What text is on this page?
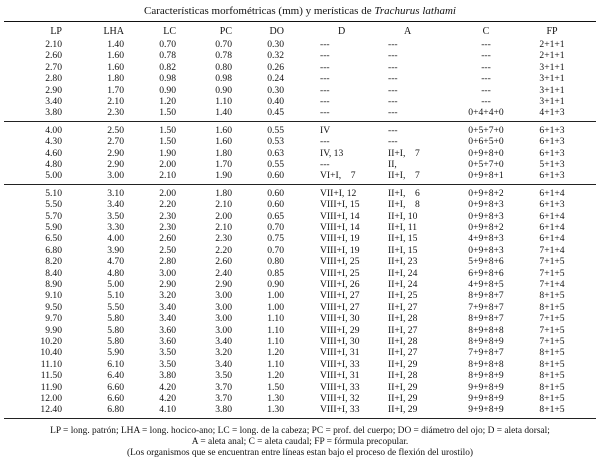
Características morfométricas (mm) y merísticas de Trachurus lathami
LP	LHA	LC	PC	DO	D	A	C	FP
2.10	1.40	0.70	0.70	0.30	---	---	---	2+1+1
2.60	1.60	0.78	0.78	0.32	---	---	---	2+1+1
2.70	1.60	0.82	0.80	0.26	---	---	---	3+1+1
2.80	1.80	0.98	0.98	0.24	---	---	---	3+1+1
2.90	1.70	0.90	0.90	0.30	---	---	---	3+1+1
3.40	2.10	1.20	1.10	0.40	---	---	---	3+1+1
3.80	2.30	1.50	1.40	0.45	---	---	0+4+4+0	4+1+3
4.00	2.50	1.50	1.60	0.55	IV	---	0+5+7+0	6+1+3
4.30	2.70	1.50	1.60	0.53	---	---	0+6+5+0	6+1+3
4.60	2.90	1.90	1.80	0.63	IV, 13	II+I,    7	0+9+8+0	6+1+3
4.80	2.90	2.00	1.70	0.55	---	II,	0+5+7+0	5+1+3
5.00	3.00	2.10	1.90	0.60	VI+I,    7	II+I,    7	0+9+8+1	6+1+3
5.10	3.10	2.00	1.80	0.60	VII+I, 12	II+I,    6	0+9+8+2	6+1+4
5.50	3.40	2.20	2.10	0.60	VIII+I, 15	II+I,    8	0+9+8+3	6+1+3
5.70	3.50	2.30	2.00	0.65	VIII+I, 14	II+I, 10	0+9+8+3	6+1+4
5.90	3.30	2.30	2.10	0.70	VIII+I, 14	II+I, 11	0+9+8+2	6+1+4
6.50	4.00	2.60	2.30	0.75	VIII+I, 19	II+I, 15	4+9+8+3	6+1+4
6.80	3.90	2.50	2.20	0.70	VIII+I, 19	II+I, 15	0+9+8+3	7+1+4
8.20	4.70	2.80	2.60	0.80	VIII+I, 25	II+I, 23	5+9+8+6	7+1+5
8.40	4.80	3.00	2.40	0.85	VIII+I, 25	II+I, 24	6+9+8+6	7+1+5
8.90	5.00	2.90	2.90	0.90	VIII+I, 26	II+I, 24	4+9+8+5	7+1+4
9.10	5.10	3.20	3.00	1.00	VIII+I, 27	II+I, 25	8+9+8+7	8+1+5
9.50	5.50	3.40	3.00	1.00	VIII+I, 27	II+I, 27	7+9+8+7	8+1+5
9.70	5.80	3.40	3.00	1.10	VIII+I, 30	II+I, 28	8+9+8+7	7+1+5
9.90	5.80	3.60	3.00	1.10	VIII+I, 29	II+I, 27	8+9+8+8	7+1+5
10.20	5.80	3.60	3.40	1.10	VIII+I, 30	II+I, 28	8+9+8+9	7+1+5
10.40	5.90	3.50	3.20	1.20	VIII+I, 31	II+I, 27	7+9+8+7	8+1+5
11.10	6.10	3.50	3.40	1.10	VIII+I, 33	II+I, 29	8+9+8+8	8+1+5
11.50	6.40	3.80	3.50	1.20	VIII+I, 31	II+I, 28	8+9+8+9	8+1+5
11.90	6.60	4.20	3.70	1.50	VIII+I, 33	II+I, 29	9+9+8+9	8+1+5
12.00	6.60	4.20	3.70	1.30	VIII+I, 32	II+I, 29	9+9+8+9	8+1+5
12.40	6.80	4.10	3.80	1.30	VIII+I, 33	II+I, 29	9+9+8+9	8+1+5
LP = long. patrón; LHA = long. hocico-ano; LC = long. de la cabeza; PC = prof. del cuerpo; DO = diámetro del ojo; D = aleta dorsal;
A = aleta anal; C = aleta caudal; FP = fórmula precopular.
(Los organismos que se encuentran entre líneas estan bajo el proceso de flexión del urostilo)
